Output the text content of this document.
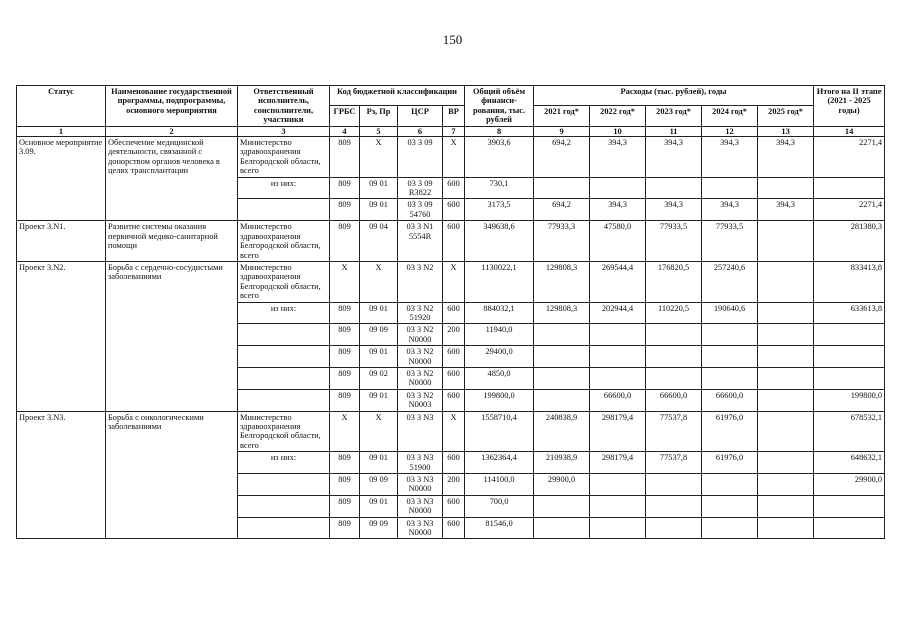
150
Статус	Наименование государственной программы, подпрограммы, основного мероприятия	Ответственный исполнитель, соисполнители, участники	Код бюджетной классификации				Общий объём финанси-рования, тыс. рублей	Расходы (тыс. рублей), годы					Итого на II этапе (2021 - 2025 годы)
			ГРБС	Рз, Пр	ЦСР	ВР		2021 год*	2022 год*	2023 год*	2024 год*	2025 год*	
1	2	3	4	5	6	7	8	9	10	11	12	13	14
Основное мероприятие 3.09.	Обеспечение медицинской деятельности, связанной с донорством органов человека в целях трансплантации	Министерство здравоохранения Белгородской области, всего	809	Х	03 3 09	Х	3903,6	694,2	394,3	394,3	394,3	394,3	2271,4
		из них:	809	09 01	03 3 09 R3822	600	730,1						
			809	09 01	03 3 09 54760	600	3173,5	694,2	394,3	394,3	394,3	394,3	2271,4
Проект 3.N1.	Развитие системы оказания первичной медико-санитарной помощи	Министерство здравоохранения Белгородской области, всего	809	09 04	03 3 N1 5554R	600	349638,6	77933,3	47580,0	77933,5	77933,5		281380,3
Проект 3.N2.	Борьба с сердечно-сосудистыми заболеваниями	Министерство здравоохранения Белгородской области, всего	Х	Х	03 3 N2	Х	1130022,1	129808,3	269544,4	176820,5	257240,6		833413,8
		из них:	809	09 01	03 3 N2 51920	600	884032,1	129808,3	202944,4	110220,5	190640,6		633613,8
			809	09 09	03 3 N2 N0000	200	11940,0						
			809	09 01	03 3 N2 N0000	600	29400,0						
			809	09 02	03 3 N2 N0000	600	4850,0						
			809	09 01	03 3 N2 N0003	600	199800,0		66600,0	66600,0	66600,0		199800,0
Проект 3.N3.	Борьба с онкологическими заболеваниями	Министерство здравоохранения Белгородской области, всего	Х	Х	03 3 N3	Х	1558710,4	240838,9	298179,4	77537,8	61976,0		678532,1
		из них:	809	09 01	03 3 N3 51900	600	1362364,4	210938,9	298179,4	77537,8	61976,0		648632,1
			809	09 09	03 3 N3 N0000	200	114100,0	29900,0					29900,0
			809	09 01	03 3 N3 N0000	600	700,0						
			809	09 09	03 3 N3 N0000	600	81546,0						
